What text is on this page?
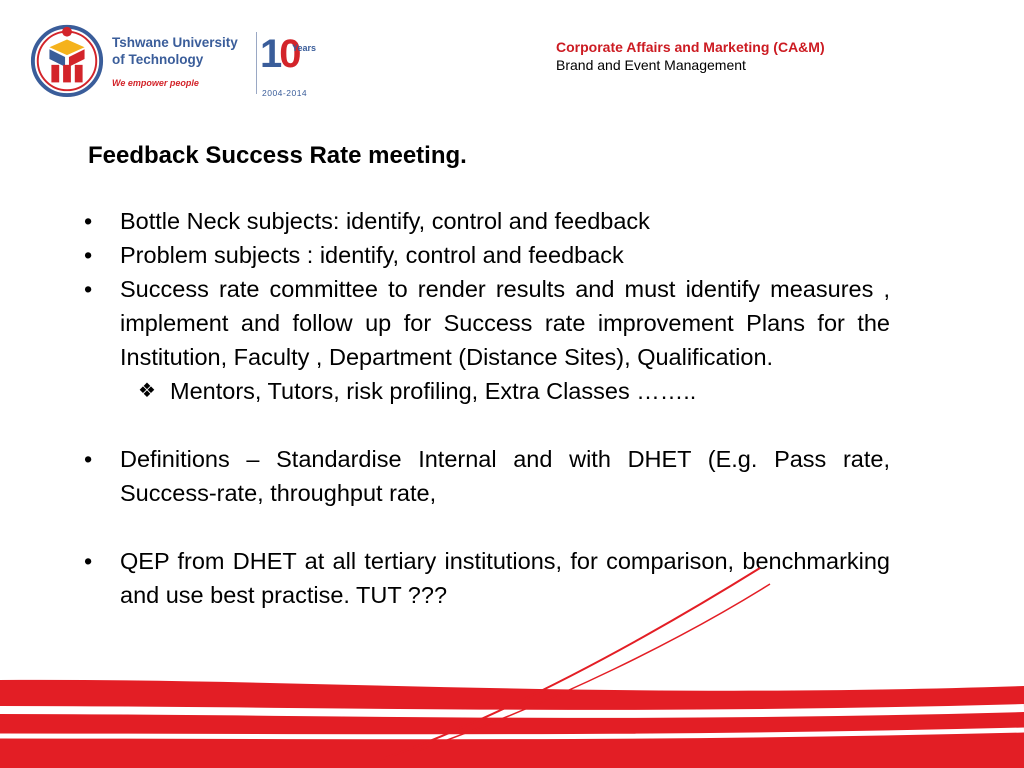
Tshwane University
of Technology
We empower people
10
Years
2004-2014
Corporate Affairs and Marketing (CA&M)
Brand and Event Management
Feedback Success Rate meeting.
• Bottle Neck subjects: identify, control and feedback
• Problem subjects : identify, control and feedback
• Success rate committee to render results and must identify measures , implement and follow up for Success rate improvement Plans for the Institution, Faculty , Department (Distance Sites), Qualification.
❖ Mentors, Tutors, risk profiling, Extra Classes ……..
• Definitions – Standardise Internal and with DHET (E.g. Pass rate, Success-rate, throughput rate,
• QEP from DHET at all tertiary institutions, for comparison, benchmarking and use best practise. TUT ???
